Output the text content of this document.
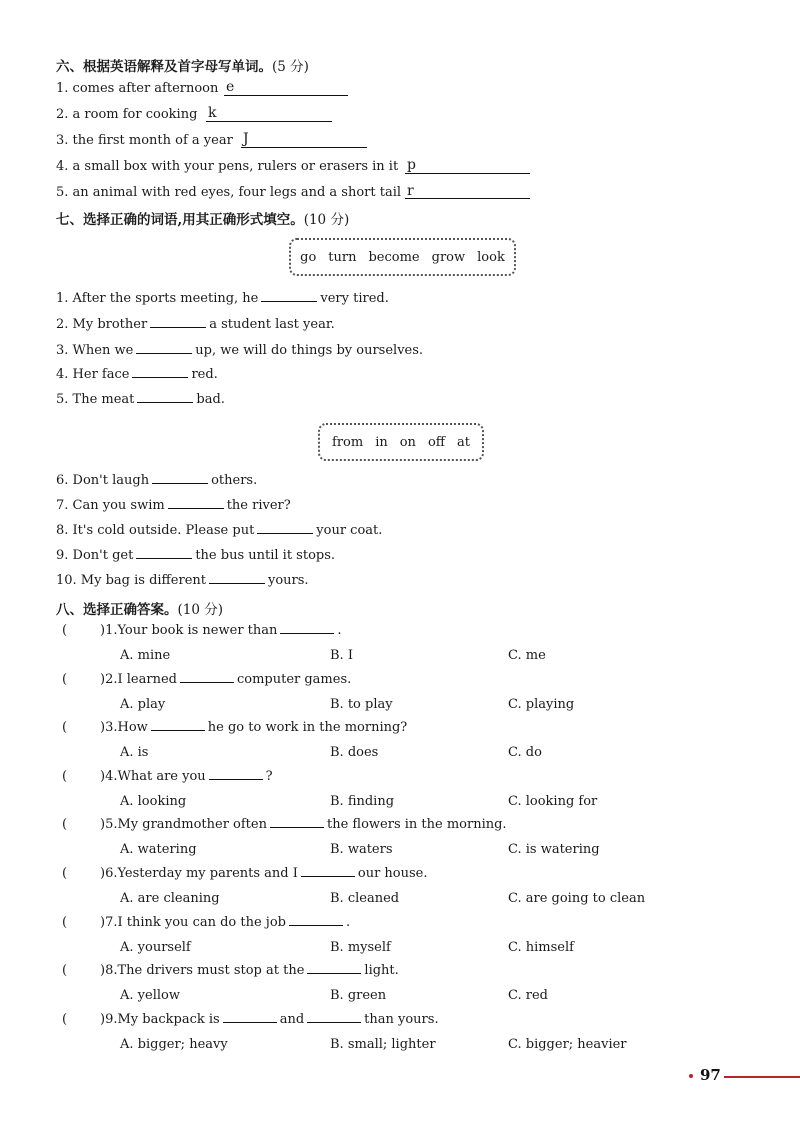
六、根据英语解释及首字母写单词。(5 分)
1. comes after afternoon e
2. a room for cooking k
3. the first month of a year J
4. a small box with your pens, rulers or erasers in it p
5. an animal with red eyes, four legs and a short tail r
七、选择正确的词语,用其正确形式填空。(10 分)
go turn become grow look
1. After the sports meeting, he	very tired.
2. My brother	a student last year.
3. When we	up, we will do things by ourselves.
4. Her face	red.
5. The meat	bad.
from in on off at
6. Don't laugh	others.
7. Can you swim	the river?
8. It's cold outside. Please put	your coat.
9. Don't get	the bus until it stops.
10. My bag is different	yours.
八、选择正确答案。(10 分)
(	)1.Your book is newer than	.
A. mine	B. I	C. me
(	)2.I learned	computer games.
A. play	B. to play	C. playing
(	)3.How	he go to work in the morning?
A. is	B. does	C. do
(	)4.What are you	?
A. looking	B. finding	C. looking for
(	)5.My grandmother often	the flowers in the morning.
A. watering	B. waters	C. is watering
(	)6.Yesterday my parents and I	our house.
A. are cleaning	B. cleaned	C. are going to clean
(	)7.I think you can do the job	.
A. yourself	B. myself	C. himself
(	)8.The drivers must stop at the	light.
A. yellow	B. green	C. red
(	)9.My backpack is	and	than yours.
A. bigger; heavy	B. small; lighter	C. bigger; heavier
97
